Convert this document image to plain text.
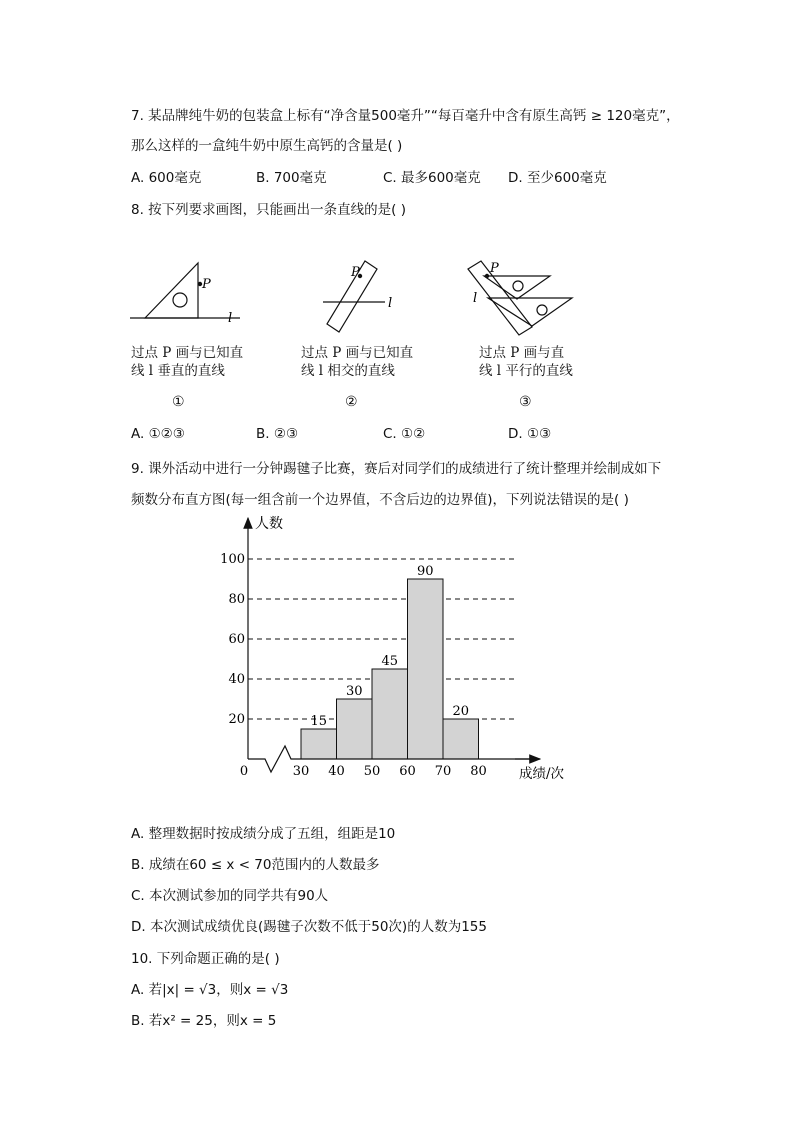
7. 某品牌纯牛奶的包装盒上标有“净含量500毫升”“每百毫升中含有原生高钙 ≥ 120毫克”，
那么这样的一盒纯牛奶中原生高钙的含量是( )
A. 600毫克	B. 700毫克	C. 最多600毫克 D. 至少600毫克
8. 按下列要求画图，只能画出一条直线的是( )
P
l
P
l
P
l
过点 P 画与已知直
线 l 垂直的直线
过点 P 画与已知直
线 l 相交的直线
过点 P 画与直
线 l 平行的直线
①	②	③
A. ①②③	B. ②③	C. ①②	D. ①③
9. 课外活动中进行一分钟踢毽子比赛，赛后对同学们的成绩进行了统计整理并绘制成如下
频数分布直方图(每一组含前一个边界值，不含后边的边界值)，下列说法错误的是( )
人数
成绩/次
0
20
40
60
80
100
15
30
45
90
20
30 40 50 60 70 80
A. 整理数据时按成绩分成了五组，组距是10
B. 成绩在60 ≤ x < 70范围内的人数最多
C. 本次测试参加的同学共有90人
D. 本次测试成绩优良(踢毽子次数不低于50次)的人数为155
10. 下列命题正确的是( )
A. 若|x| = √3，则x = √3
B. 若x² = 25，则x = 5
